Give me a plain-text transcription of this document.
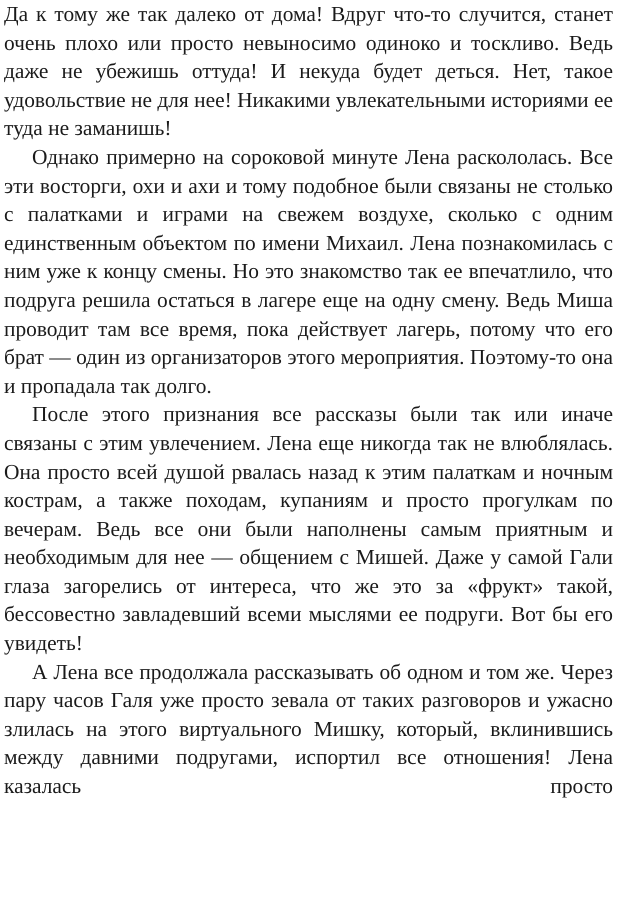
Да к тому же так далеко от дома! Вдруг что-то случится, станет очень плохо или просто невыносимо одиноко и тоскливо. Ведь даже не убежишь оттуда! И некуда будет деться. Нет, такое удовольствие не для нее! Никакими увлекательными историями ее туда не заманишь!

Однако примерно на сороковой минуте Лена раскололась. Все эти восторги, охи и ахи и тому подобное были связаны не столько с палатками и играми на свежем воздухе, сколько с одним единственным объектом по имени Михаил. Лена познакомилась с ним уже к концу смены. Но это знакомство так ее впечатлило, что подруга решила остаться в лагере еще на одну смену. Ведь Миша проводит там все время, пока действует лагерь, потому что его брат — один из организаторов этого мероприятия. Поэтому-то она и пропадала так долго.

После этого признания все рассказы были так или иначе связаны с этим увлечением. Лена еще никогда так не влюблялась. Она просто всей душой рвалась назад к этим палаткам и ночным кострам, а также походам, купаниям и просто прогулкам по вечерам. Ведь все они были наполнены самым приятным и необходимым для нее — общением с Мишей. Даже у самой Гали глаза загорелись от интереса, что же это за «фрукт» такой, бессовестно завладевший всеми мыслями ее подруги. Вот бы его увидеть!

А Лена все продолжала рассказывать об одном и том же. Через пару часов Галя уже просто зевала от таких разговоров и ужасно злилась на этого виртуального Мишку, который, вклинившись между давними подругами, испортил все отношения! Лена казалась просто
